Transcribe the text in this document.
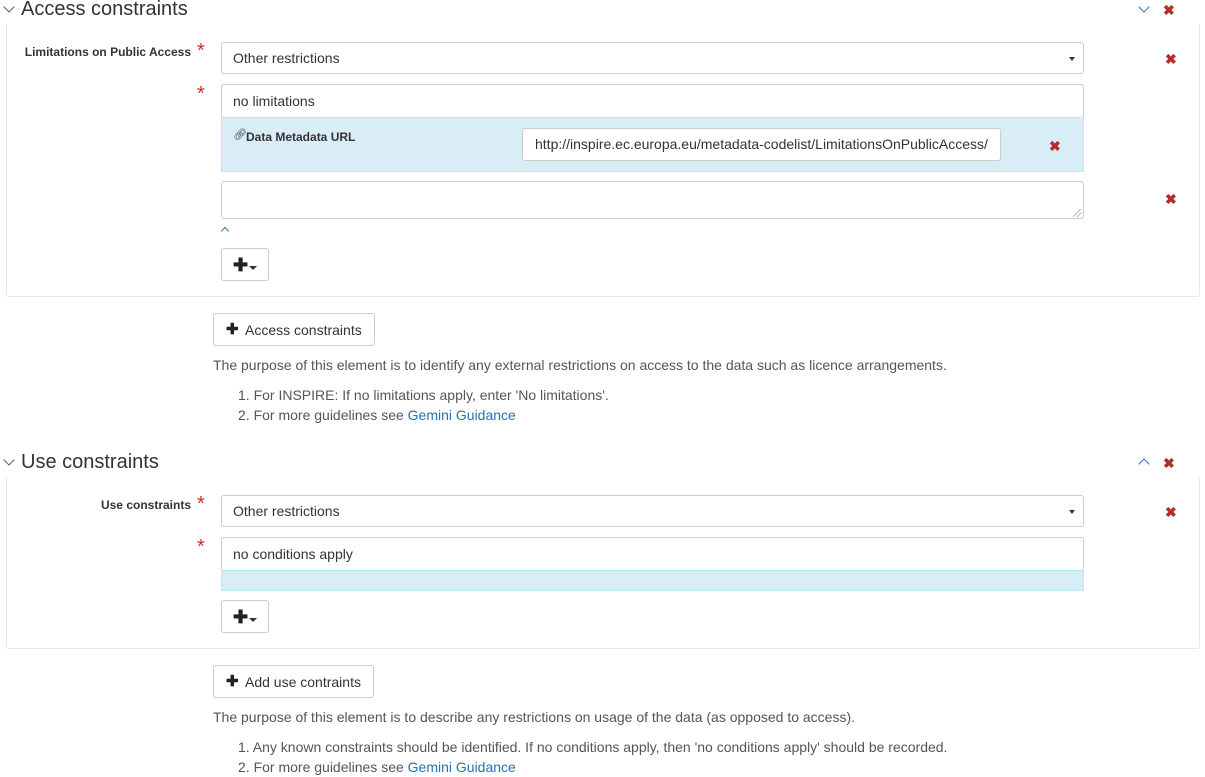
Access constraints	✖
Limitations on Public Access *	Other restrictions	✖
*	no limitations
🔗︎ Data Metadata URL	http://inspire.ec.europa.eu/metadata-codelist/LimitationsOnPublicAccess/	✖
✖
✚
✚ Access constraints
The purpose of this element is to identify any external restrictions on access to the data such as licence arrangements.
1. For INSPIRE: If no limitations apply, enter 'No limitations'.
2. For more guidelines see Gemini Guidance
Use constraints	✖
Use constraints *	Other restrictions	✖
*	no conditions apply
✚
✚ Add use contraints
The purpose of this element is to describe any restrictions on usage of the data (as opposed to access).
1. Any known constraints should be identified. If no conditions apply, then 'no conditions apply' should be recorded.
2. For more guidelines see Gemini Guidance
